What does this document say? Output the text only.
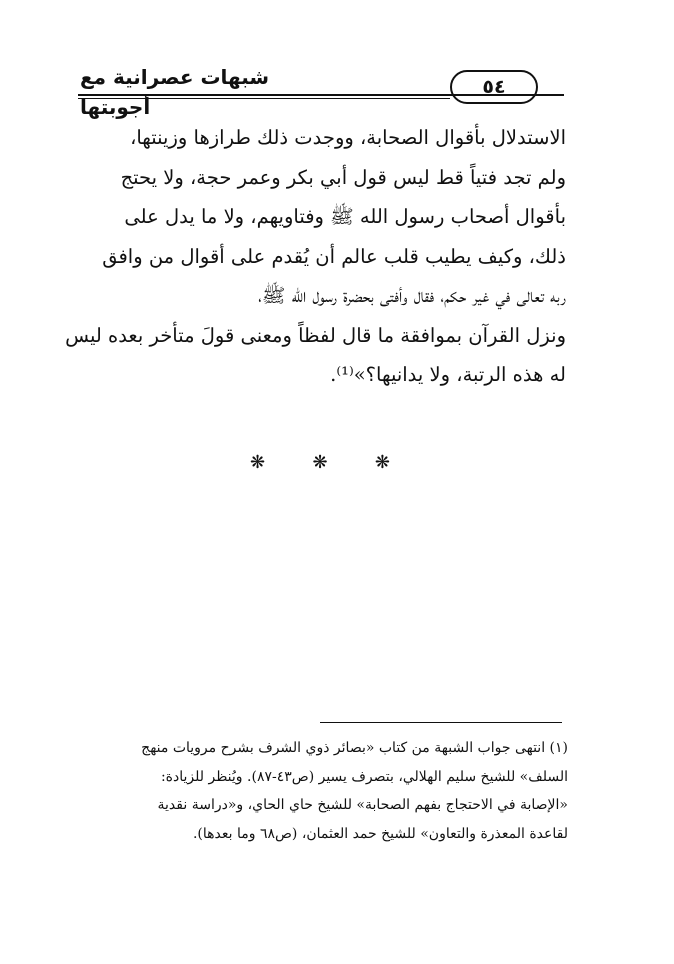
شبهات عصرانية مع أجوبتها
٥٤
الاستدلال بأقوال الصحابة، ووجدت ذلك طرازها وزينتها،
ولم تجد فتياً قط ليس قول أبي بكر وعمر حجة، ولا يحتج
بأقوال أصحاب رسول الله ﷺ وفتاويهم، ولا ما يدل على
ذلك، وكيف يطيب قلب عالم أن يُقدم على أقوال من وافق
ربه تعالى في غير حكم، فقال وأفتى بحضرة رسول الله ﷺ،
ونزل القرآن بموافقة ما قال لفظاً ومعنى قولَ متأخر بعده ليس
له هذه الرتبة، ولا يدانيها؟»⁽¹⁾.
❋	❋	❋
(١) انتهى جواب الشبهة من كتاب «بصائر ذوي الشرف بشرح مرويات منهج
السلف» للشيخ سليم الهلالي، بتصرف يسير (ص٤٣-٨٧). ويُنظر للزيادة:
«الإصابة في الاحتجاج بفهم الصحابة» للشيخ حاي الحاي، و«دراسة نقدية
لقاعدة المعذرة والتعاون» للشيخ حمد العثمان، (ص٦٨ وما بعدها).
